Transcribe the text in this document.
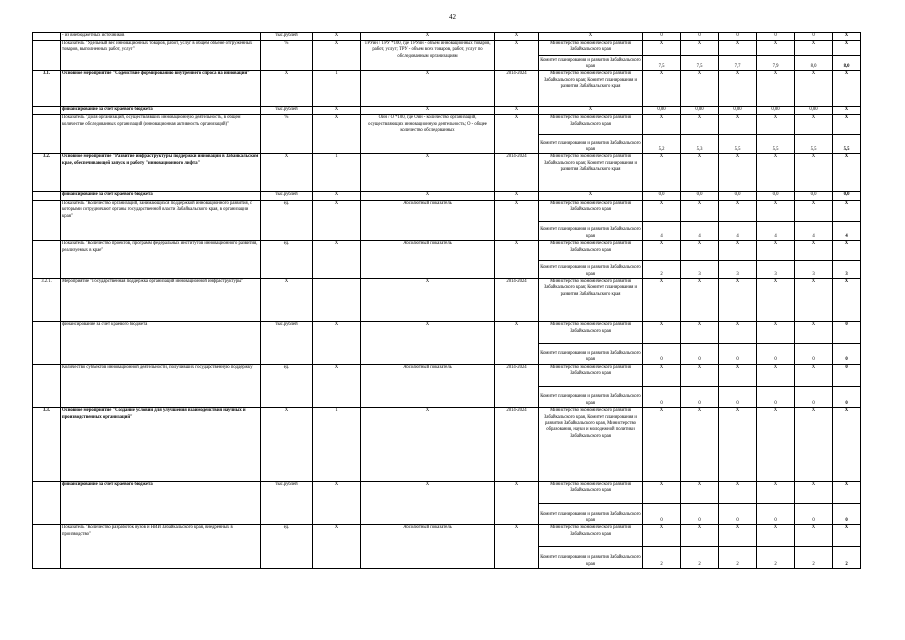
42
	- из внебюджетных источников	тыс.рублей	X	X	X	X	0	0	0	0	0	X
	Показатель "Удельный вес инновационных товаров, работ, услуг в общем объеме отгруженных товаров, выполненных работ, услуг"	%	X	ТРУин / ТРУ *100, где ТРУин - объем инновационных товаров, работ, услуг; ТРУ - объем всех товаров, работ, услуг по обследованным организациям	X	Министерство экономического развития Забайкальского края	X	X	X	X	X	X
						Комитет планирования и развития Забайкальского края	7,5	7,5	7,7	7,9	8,0	8,0
3.1.	Основное мероприятие "Содействие формированию внутреннего спроса на инновации"	X	1	X	2014-2024	Министерство экономического развития Забайкальского края; Комитет планирования и развития Забайкальского края	X	X	X	X	X	X
	финансирование за счет краевого бюджета	тыс.рублей	X	X	X	X	0,00	0,00	0,00	0,00	0,00	X
	Показатель "Доля организаций, осуществлявших инновационную деятельность, в общем количестве обследованных организаций (инновационная активность организаций)"	%	X	Оин / О *100, где Оин - количество организаций, осуществляющих инновационную деятельность; О - общее количество обследованных	X	Министерство экономического развития Забайкальского края	X	X	X	X	X	X
						Комитет планирования и развития Забайкальского края	5,2	5,3	5,5	5,5	5,5	5,5
3.2.	Основное мероприятие "Развитие инфраструктуры поддержки инноваций в Забайкальском крае, обеспечивающей запуск и работу "инновационного лифта"	X	1	X	2014-2024	Министерство экономического развития Забайкальского края; Комитет планирования и развития Забайкальского края	X	X	X	X	X	X
	финансирование за счет краевого бюджета	тыс.рублей	X	X	X	X	0,0	0,0	0,0	0,0	0,0	0,0
	Показатель "Количество организаций, занимающихся поддержкой инновационного развития, с которыми сотрудничают органы государственной власти Забайкальского края, в организации края"	ед.	X	Абсолютный показатель	X	Министерство экономического развития Забайкальского края	X	X	X	X	X	X
						Комитет планирования и развития Забайкальского края	4	4	4	4	4	4
	Показатель "Количество проектов, программ федеральных институтов инновационного развития, реализуемых в крае"	ед.	X	Абсолютный показатель	X	Министерство экономического развития Забайкальского края	X	X	X	X	X	X
						Комитет планирования и развития Забайкальского края	2	3	3	3	3	3
3.2.1.	Мероприятие "Государственная поддержка организаций инновационной инфраструктуры"	X		X	2014-2024	Министерство экономического развития Забайкальского края; Комитет планирования и развития Забайкальского края	X	X	X	X	X	X
	финансирование за счет краевого бюджета	тыс.рублей	X	X	X	Министерство экономического развития Забайкальского края	X	X	X	X	X	0
						Комитет планирования и развития Забайкальского края	0	0	0	0	0	0
	Количество субъектов инновационной деятельности, получивших государственную поддержку	ед.	X	Абсолютный показатель	2014-2024	Министерство экономического развития Забайкальского края	X	X	X	X	X	0
						Комитет планирования и развития Забайкальского края	0	0	0	0	0	0
3.3.	Основное мероприятие "Создание условий для улучшения взаимодействия научных и производственных организаций"	X	1	X	2014-2024	Министерство экономического развития Забайкальского края, Комитет планирования и развития Забайкальского края, Министерство образования, науки и молодежной политики Забайкальского края	X	X	X	X	X	X
	финансирование за счет краевого бюджета	тыс.рублей	X	X	X	Министерство экономического развития Забайкальского края	X	X	X	X	X	X
						Комитет планирования и развития Забайкальского края	0	0	0	0	0	0
	Показатель "Количество разработок вузов и НИИ Забайкальского края, внедренных в производство"	ед.	X	Абсолютный показатель	X	Министерство экономического развития Забайкальского края	X	X	X	X	X	X
						Комитет планирования и развития Забайкальского края	2	2	2	2	2	2
